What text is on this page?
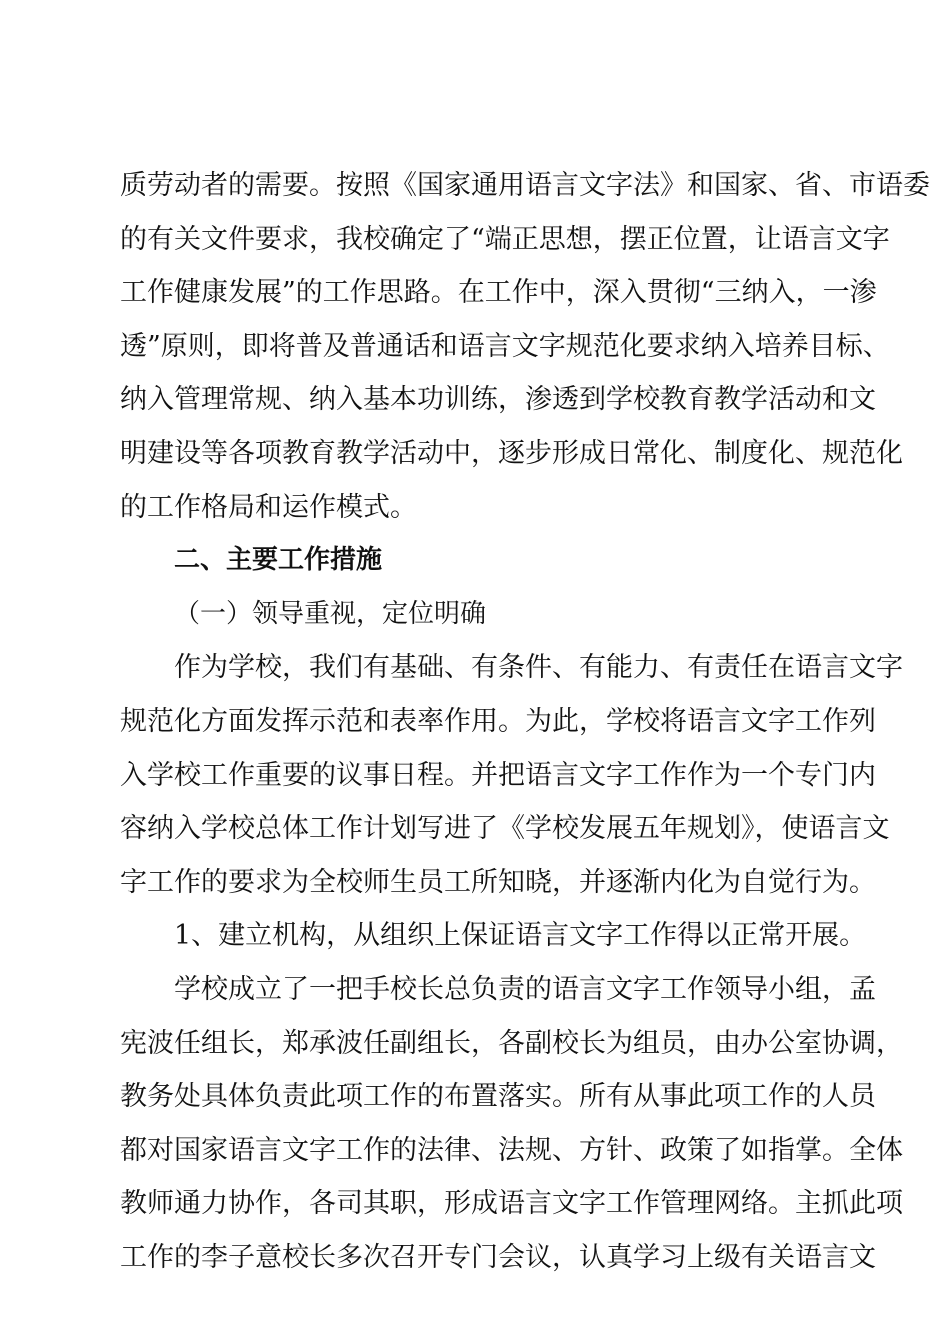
质劳动者的需要。按照《国家通用语言文字法》和国家、省、市语委
的有关文件要求，我校确定了“端正思想，摆正位置，让语言文字
工作健康发展”的工作思路。在工作中，深入贯彻“三纳入，一渗
透”原则，即将普及普通话和语言文字规范化要求纳入培养目标、
纳入管理常规、纳入基本功训练，渗透到学校教育教学活动和文
明建设等各项教育教学活动中，逐步形成日常化、制度化、规范化
的工作格局和运作模式。
二、主要工作措施
（一）领导重视，定位明确
作为学校，我们有基础、有条件、有能力、有责任在语言文字
规范化方面发挥示范和表率作用。为此，学校将语言文字工作列
入学校工作重要的议事日程。并把语言文字工作作为一个专门内
容纳入学校总体工作计划写进了《学校发展五年规划》，使语言文
字工作的要求为全校师生员工所知晓，并逐渐内化为自觉行为。
1、建立机构，从组织上保证语言文字工作得以正常开展。
学校成立了一把手校长总负责的语言文字工作领导小组，孟
宪波任组长，郑承波任副组长，各副校长为组员，由办公室协调，
教务处具体负责此项工作的布置落实。所有从事此项工作的人员
都对国家语言文字工作的法律、法规、方针、政策了如指掌。全体
教师通力协作，各司其职，形成语言文字工作管理网络。主抓此项
工作的李子意校长多次召开专门会议，认真学习上级有关语言文
